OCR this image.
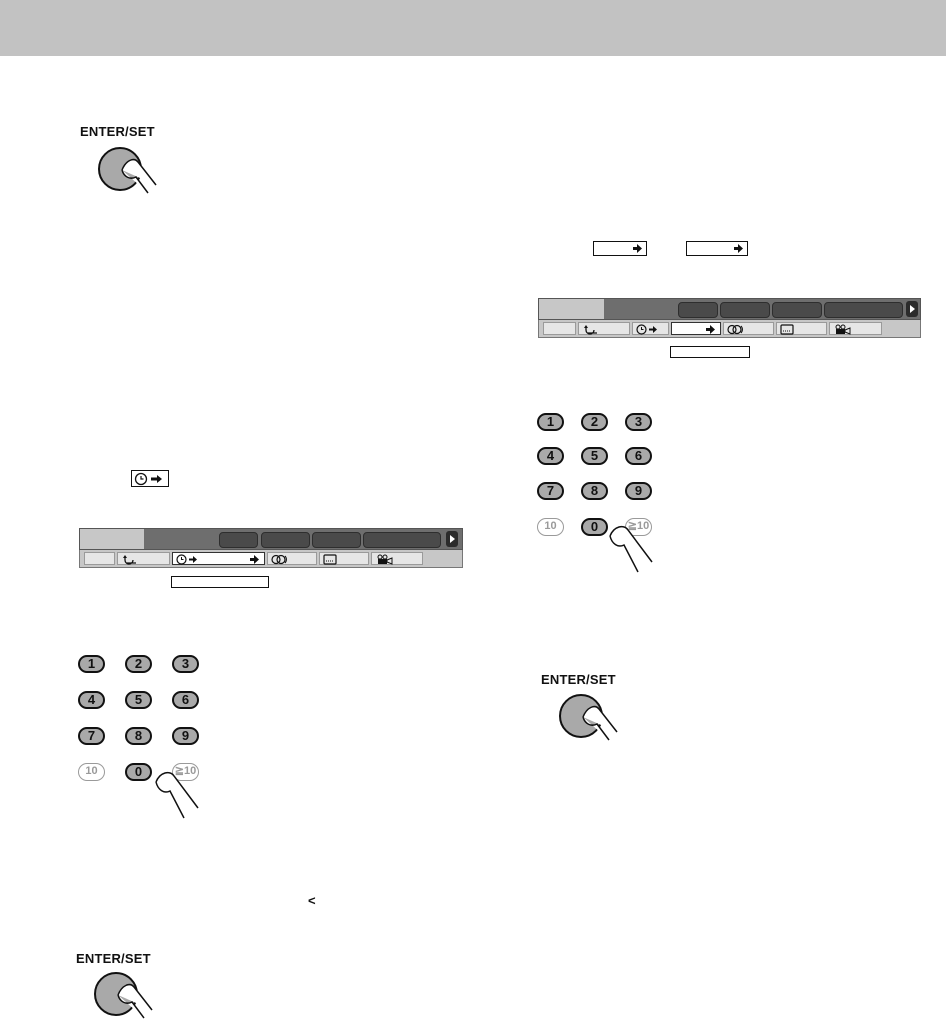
ENTER/SET
1	2	3
4	5	6
7	8	9
10	0	≧10
<
ENTER/SET
1	2	3
4	5	6
7	8	9
10	0	≧10
ENTER/SET
